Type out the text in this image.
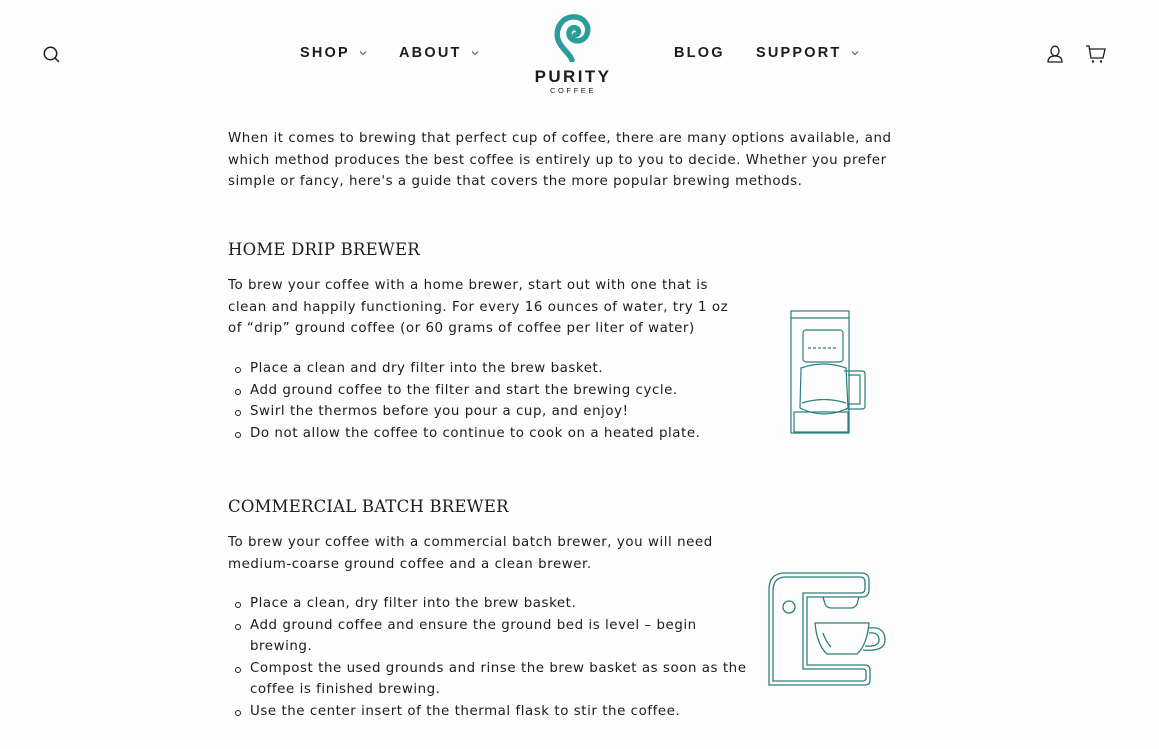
SHOP	ABOUT
PURITY
COFFEE
BLOG SUPPORT

When it comes to brewing that perfect cup of coffee, there are many options available, and which method produces the best coffee is entirely up to you to decide. Whether you prefer simple or fancy, here's a guide that covers the more popular brewing methods.

HOME DRIP BREWER

To brew your coffee with a home brewer, start out with one that is clean and happily functioning. For every 16 ounces of water, try 1 oz of “drip” ground coffee (or 60 grams of coffee per liter of water)

Place a clean and dry filter into the brew basket.
Add ground coffee to the filter and start the brewing cycle.
Swirl the thermos before you pour a cup, and enjoy!
Do not allow the coffee to continue to cook on a heated plate.
COMMERCIAL BATCH BREWER

To brew your coffee with a commercial batch brewer, you will need medium-coarse ground coffee and a clean brewer.

Place a clean, dry filter into the brew basket.
Add ground coffee and ensure the ground bed is level – begin brewing.
Compost the used grounds and rinse the brew basket as soon as the coffee is finished brewing.
Use the center insert of the thermal flask to stir the coffee.
